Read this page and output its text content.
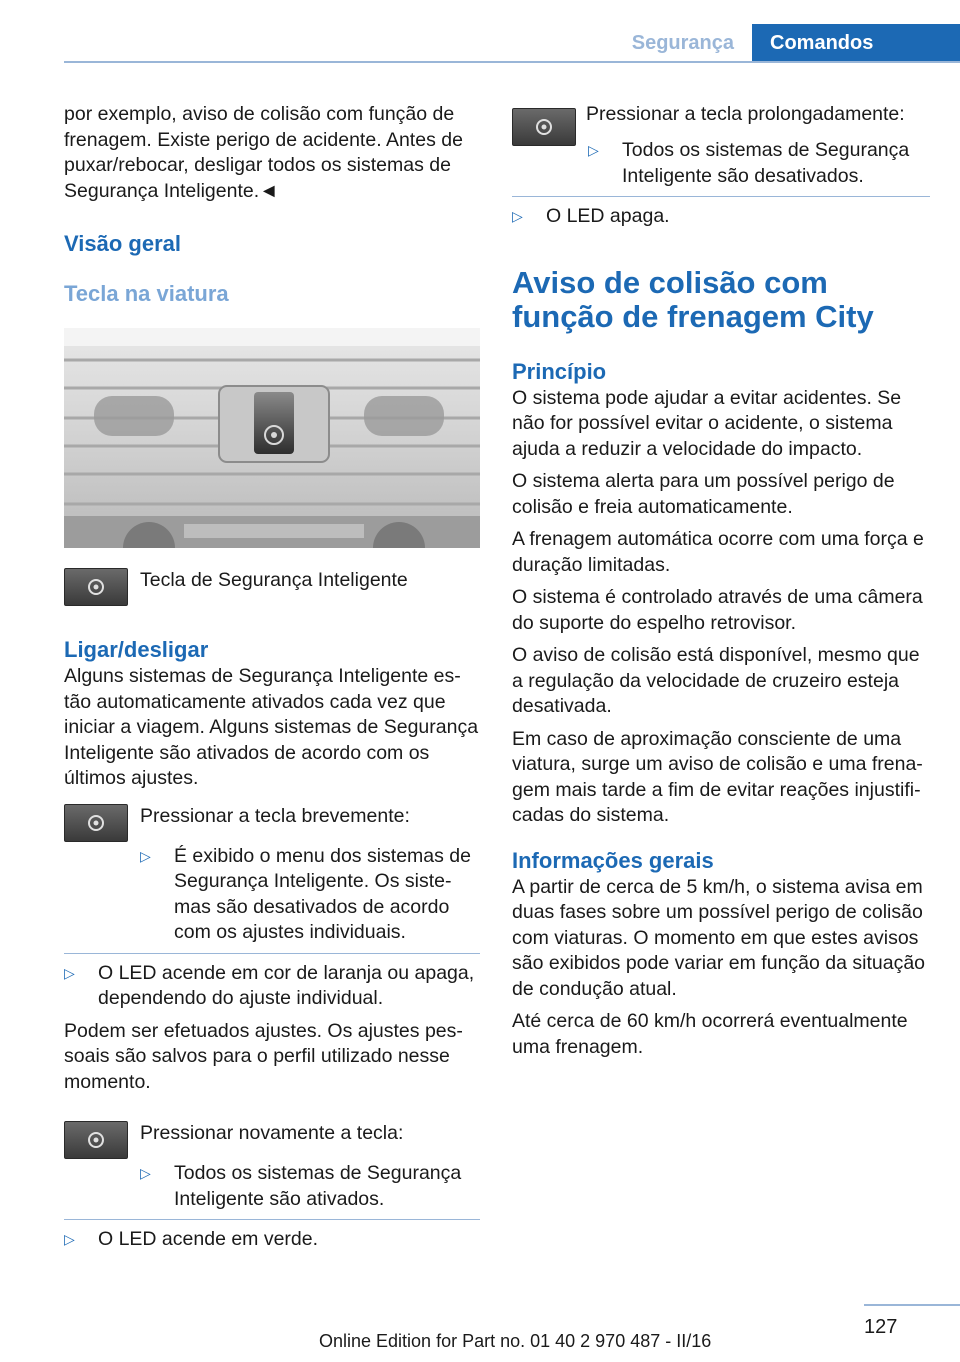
Segurança	Comandos

por exemplo, aviso de colisão com função de frenagem. Existe perigo de acidente. Antes de puxar/rebocar, desligar todos os sistemas de Segurança Inteligente.◄

Visão geral
Tecla na viatura
Tecla de Segurança Inteligente
Ligar/desligar

Alguns sistemas de Segurança Inteligente estão automaticamente ativados cada vez que iniciar a viagem. Alguns sistemas de Segurança Inteligente são ativados de acordo com os últimos ajustes.

Pressionar a tecla brevemente:
▷	É exibido o menu dos sistemas de Segurança Inteligente. Os sistemas são desativados de acordo com os ajustes individuais.
▷	O LED acende em cor de laranja ou apaga, dependendo do ajuste individual.

Podem ser efetuados ajustes. Os ajustes pessoais são salvos para o perfil utilizado nesse momento.

Pressionar novamente a tecla:
▷	Todos os sistemas de Segurança Inteligente são ativados.
▷	O LED acende em verde.
Pressionar a tecla prolongadamente:
▷	Todos os sistemas de Segurança Inteligente são desativados.
▷	O LED apaga.
Aviso de colisão com função de frenagem City
Princípio

O sistema pode ajudar a evitar acidentes. Se não for possível evitar o acidente, o sistema ajuda a reduzir a velocidade do impacto.

O sistema alerta para um possível perigo de colisão e freia automaticamente.

A frenagem automática ocorre com uma força e duração limitadas.

O sistema é controlado através de uma câmera do suporte do espelho retrovisor.

O aviso de colisão está disponível, mesmo que a regulação da velocidade de cruzeiro esteja desativada.

Em caso de aproximação consciente de uma viatura, surge um aviso de colisão e uma frenagem mais tarde a fim de evitar reações injustificadas do sistema.

Informações gerais

A partir de cerca de 5 km/h, o sistema avisa em duas fases sobre um possível perigo de colisão com viaturas. O momento em que estes avisos são exibidos pode variar em função da situação de condução atual.

Até cerca de 60 km/h ocorrerá eventualmente uma frenagem.

127
Online Edition for Part no. 01 40 2 970 487 - II/16
